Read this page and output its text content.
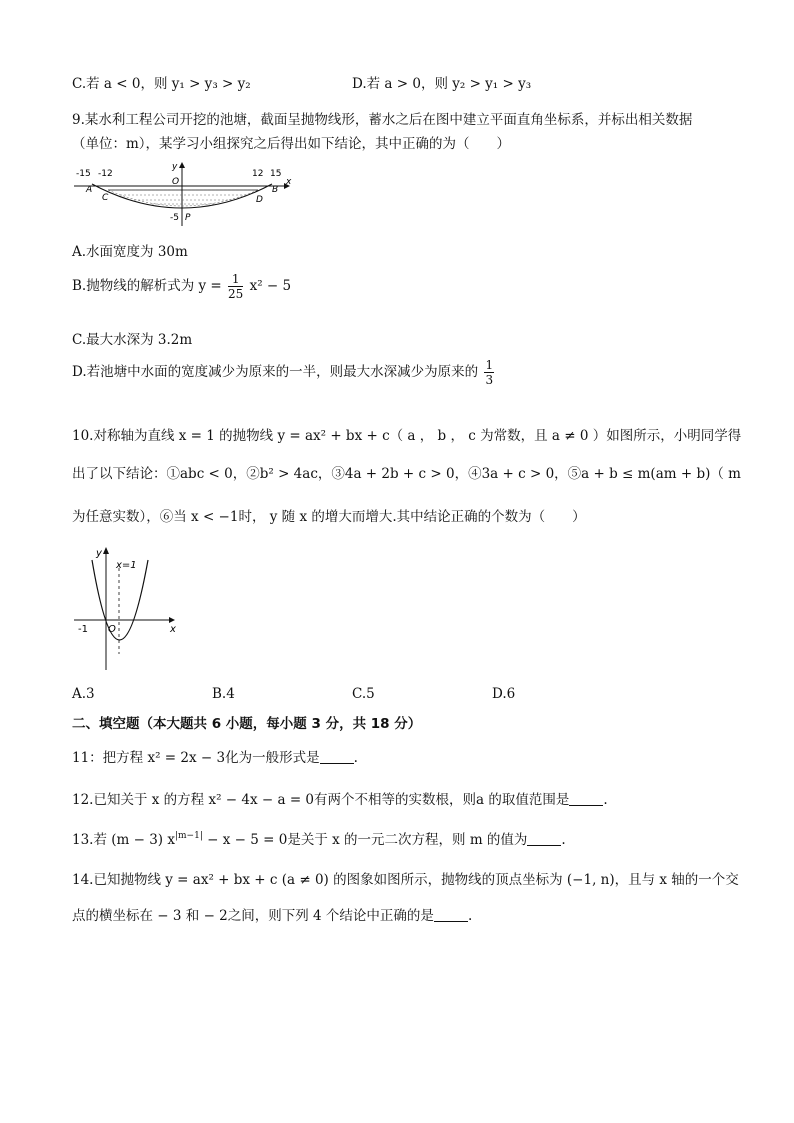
C.若 a < 0，则 y₁ > y₃ > y₂	D.若 a > 0，则 y₂ > y₁ > y₃
9.某水利工程公司开挖的池塘，截面呈抛物线形，蓄水之后在图中建立平面直角坐标系，并标出相关数据
（单位：m），某学习小组探究之后得出如下结论，其中正确的为（　　）
-15 -12
A
C
y
O
12 15
B
D
x
-5 P
A.水面宽度为 30m
B.抛物线的解析式为 $y = \frac{1}{25} x^2 - 5$
C.最大水深为 3.2m
D.若池塘中水面的宽度减少为原来的一半，则最大水深减少为原来的 $\frac{1}{3}$
10.对称轴为直线 x = 1 的抛物线 y = ax² + bx + c（ a ， b ， c 为常数，且 a ≠ 0 ）如图所示，小明同学得
出了以下结论：①abc < 0，②b² > 4ac，③4a + 2b + c > 0，④3a + c > 0，⑤a + b ≤ m(am + b)（ m
为任意实数），⑥当 x < −1时， y 随 x 的增大而增大.其中结论正确的个数为（　　）
y
x=1
-1 O	x
A.3	B.4	C.5	D.6
二、填空题（本大题共 6 小题，每小题 3 分，共 18 分）
11：把方程 x² = 2x − 3化为一般形式是	.
12.已知关于 x 的方程 x² − 4x − a = 0有两个不相等的实数根，则a 的取值范围是	.
13.若 (m − 3) $x^{|m-1|} - x - 5 = 0$是关于 x 的一元二次方程，则 m 的值为	.
14.已知抛物线 y = ax² + bx + c (a ≠ 0) 的图象如图所示，抛物线的顶点坐标为 (−1, n)，且与 x 轴的一个交
点的横坐标在 − 3 和 − 2之间，则下列 4 个结论中正确的是	.
